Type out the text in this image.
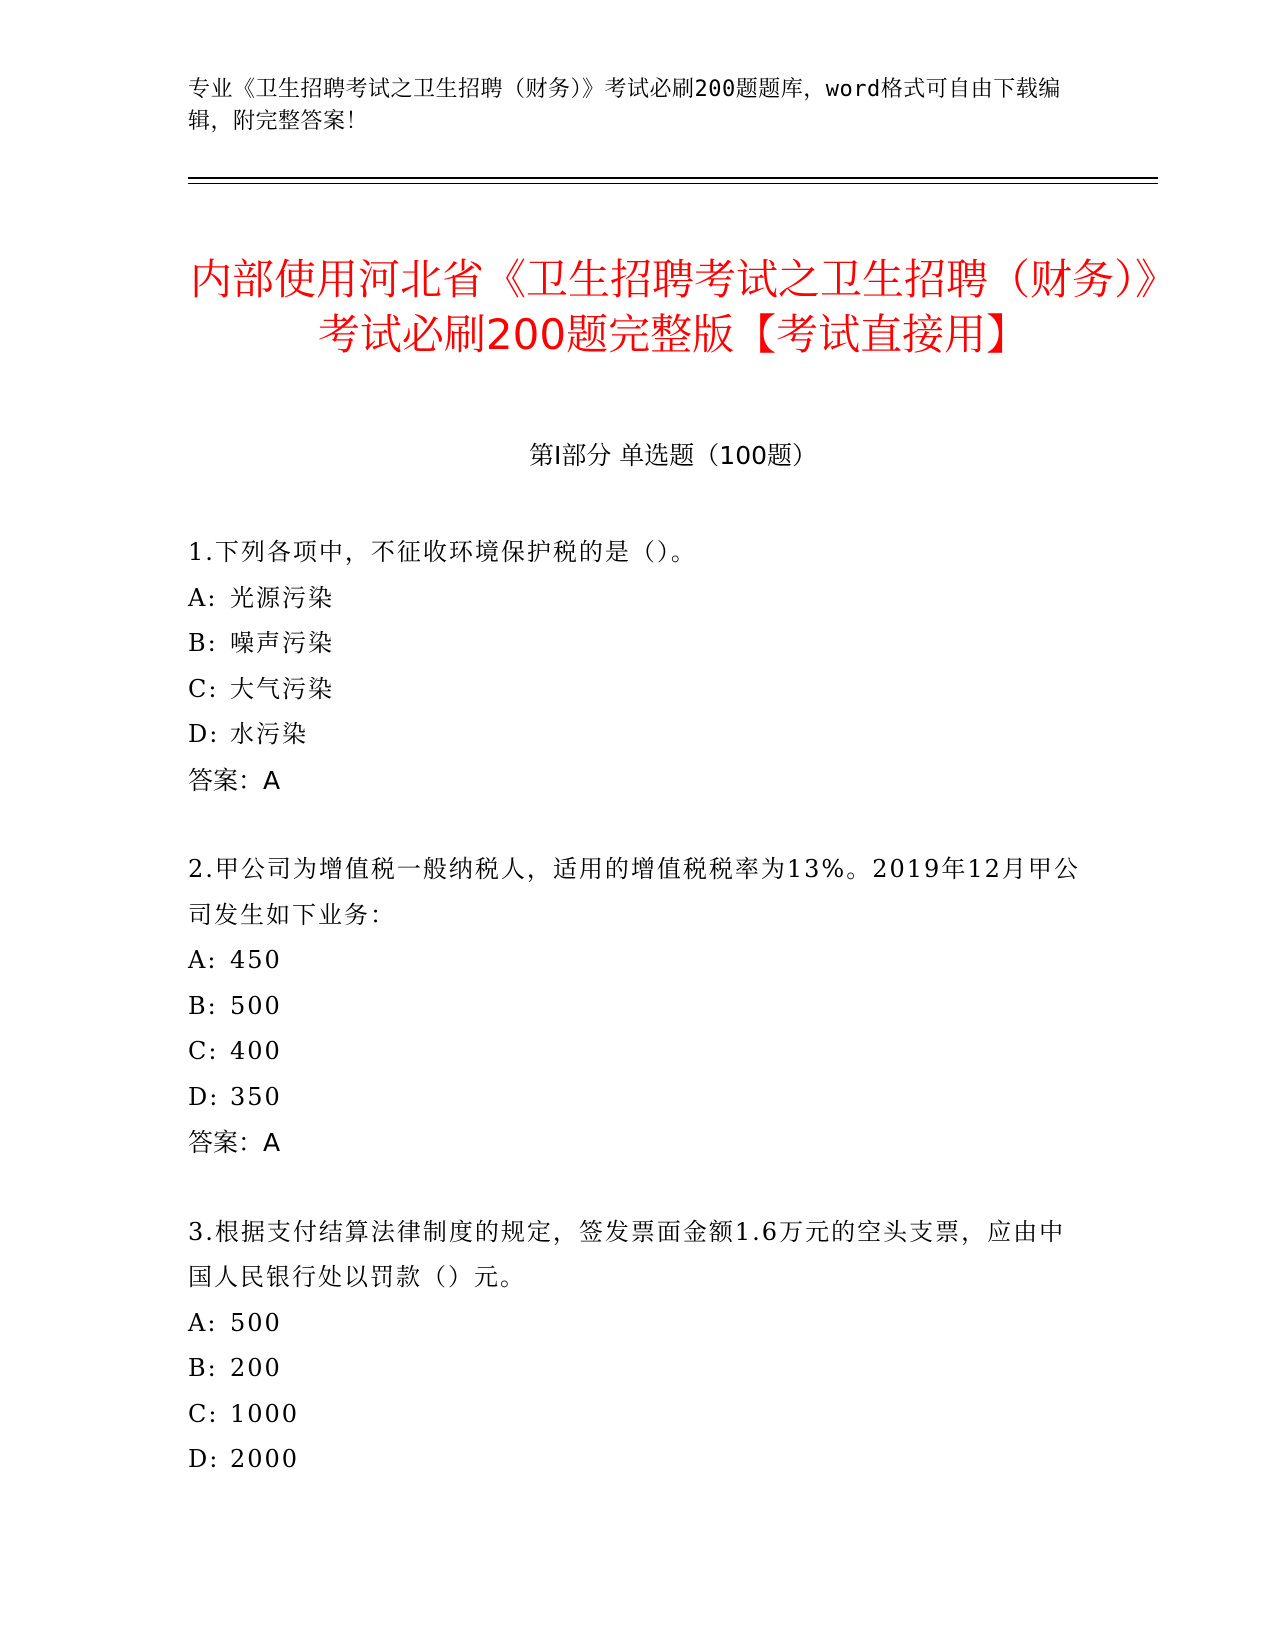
专业《卫生招聘考试之卫生招聘（财务）》考试必刷200题题库，word格式可自由下载编辑，附完整答案！
内部使用河北省《卫生招聘考试之卫生招聘（财务）》考试必刷200题完整版【考试直接用】
第I部分 单选题（100题）
1.下列各项中，不征收环境保护税的是（）。
A: 光源污染
B: 噪声污染
C: 大气污染
D: 水污染
答案：A
2.甲公司为增值税一般纳税人，适用的增值税税率为13%。2019年12月甲公司发生如下业务：
A: 450
B: 500
C: 400
D: 350
答案：A
3.根据支付结算法律制度的规定，签发票面金额1.6万元的空头支票，应由中国人民银行处以罚款（）元。
A: 500
B: 200
C: 1000
D: 2000
